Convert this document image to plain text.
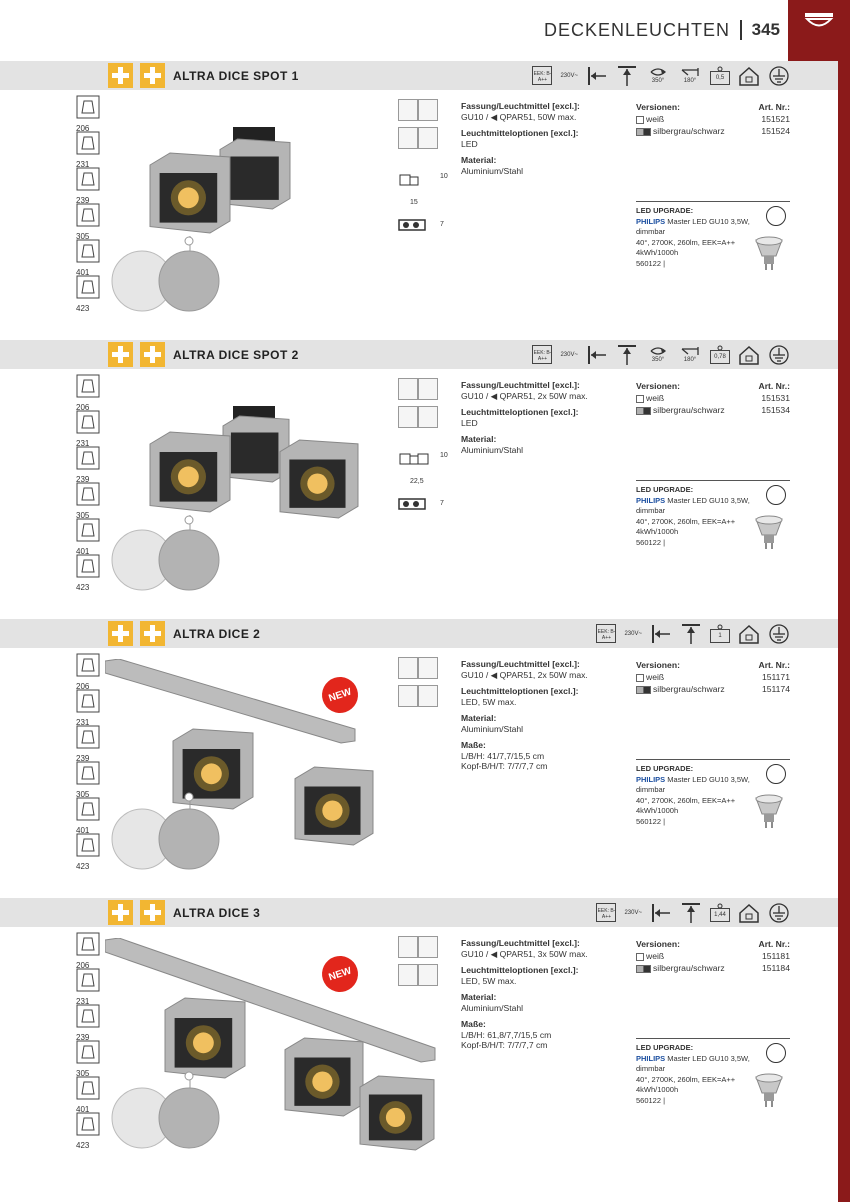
DECKENLEUCHTEN 345
ALTRA DICE SPOT 1	EEK: B-A++
230V~
350°	180°	0,5
206
231
239
305
401
423

10
15
7
Fassung/Leuchtmittel [excl.]:
GU10 / ◀ QPAR51, 50W max.
Leuchtmitteloptionen [excl.]:
LED
Material:
Aluminium/Stahl
Versionen:	Art. Nr.:
weiß	151521
silbergrau/schwarz	151524
LED UPGRADE:
PHILIPS Master LED GU10 3,5W,
dimmbar
40°, 2700K, 260lm, EEK=A++
4kWh/1000h
560122 |
ALTRA DICE SPOT 2	EEK: B-A++
230V~
350°	180°	0,78
206
231
239
305
401
423

10
22,5
7
Fassung/Leuchtmittel [excl.]:
GU10 / ◀ QPAR51, 2x 50W max.
Leuchtmitteloptionen [excl.]:
LED
Material:
Aluminium/Stahl
Versionen:	Art. Nr.:
weiß	151531
silbergrau/schwarz	151534
LED UPGRADE:
PHILIPS Master LED GU10 3,5W,
dimmbar
40°, 2700K, 260lm, EEK=A++
4kWh/1000h
560122 |
ALTRA DICE 2	EEK: B-A++
230V~	1
206
231
239
305
401
423

Fassung/Leuchtmittel [excl.]:
GU10 / ◀ QPAR51, 2x 50W max.
Leuchtmitteloptionen [excl.]:
LED, 5W max.
Material:
Aluminium/Stahl
Maße:
L/B/H: 41/7,7/15,5 cm
Kopf-B/H/T: 7/7/7,7 cm
Versionen:	Art. Nr.:
weiß	151171
silbergrau/schwarz	151174
LED UPGRADE:
PHILIPS Master LED GU10 3,5W,
dimmbar
40°, 2700K, 260lm, EEK=A++
4kWh/1000h
560122 |
NEW
ALTRA DICE 3	EEK: B-A++
230V~	1,44
206
231
239
305
401
423

Fassung/Leuchtmittel [excl.]:
GU10 / ◀ QPAR51, 3x 50W max.
Leuchtmitteloptionen [excl.]:
LED, 5W max.
Material:
Aluminium/Stahl
Maße:
L/B/H: 61,8/7,7/15,5 cm
Kopf-B/H/T: 7/7/7,7 cm
Versionen:	Art. Nr.:
weiß	151181
silbergrau/schwarz	151184
LED UPGRADE:
PHILIPS Master LED GU10 3,5W,
dimmbar
40°, 2700K, 260lm, EEK=A++
4kWh/1000h
560122 |
NEW
